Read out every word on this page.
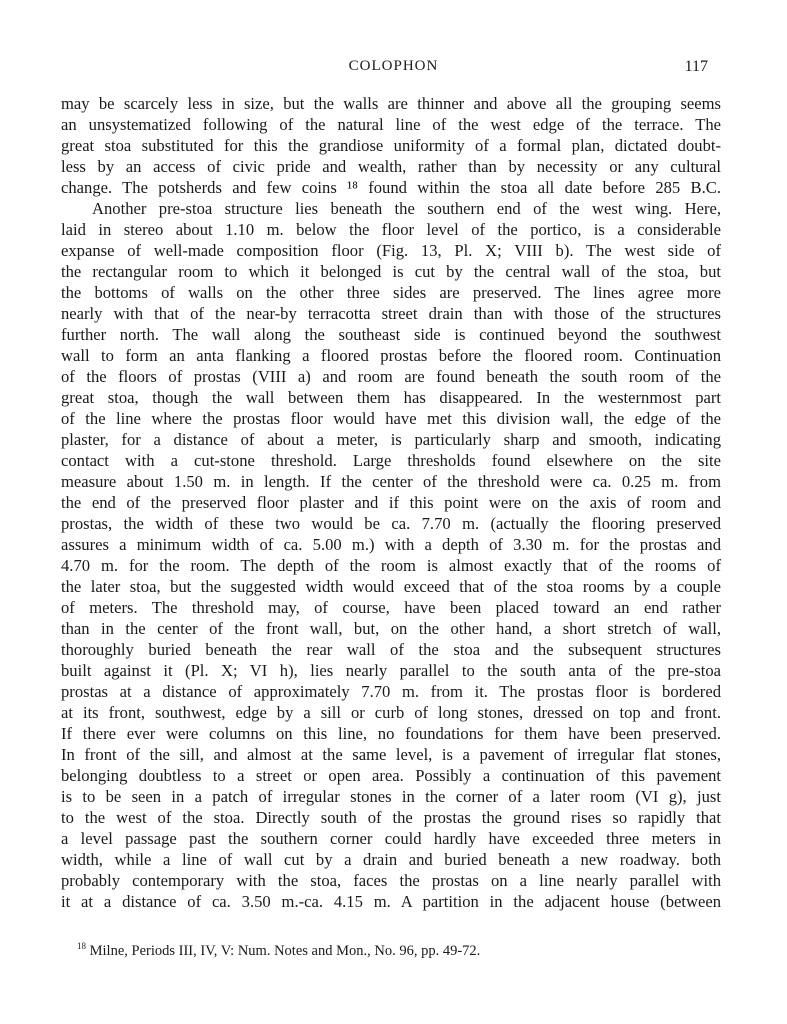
COLOPHON	117
may be scarcely less in size, but the walls are thinner and above all the grouping seems
an unsystematized following of the natural line of the west edge of the terrace. The
great stoa substituted for this the grandiose uniformity of a formal plan, dictated doubt-
less by an access of civic pride and wealth, rather than by necessity or any cultural
change. The potsherds and few coins ¹⁸ found within the stoa all date before 285 B.C.
Another pre-stoa structure lies beneath the southern end of the west wing. Here,
laid in stereo about 1.10 m. below the floor level of the portico, is a considerable
expanse of well-made composition floor (Fig. 13, Pl. X; VIII b). The west side of
the rectangular room to which it belonged is cut by the central wall of the stoa, but
the bottoms of walls on the other three sides are preserved. The lines agree more
nearly with that of the near-by terracotta street drain than with those of the structures
further north. The wall along the southeast side is continued beyond the southwest
wall to form an anta flanking a floored prostas before the floored room. Continuation
of the floors of prostas (VIII a) and room are found beneath the south room of the
great stoa, though the wall between them has disappeared. In the westernmost part
of the line where the prostas floor would have met this division wall, the edge of the
plaster, for a distance of about a meter, is particularly sharp and smooth, indicating
contact with a cut-stone threshold. Large thresholds found elsewhere on the site
measure about 1.50 m. in length. If the center of the threshold were ca. 0.25 m. from
the end of the preserved floor plaster and if this point were on the axis of room and
prostas, the width of these two would be ca. 7.70 m. (actually the flooring preserved
assures a minimum width of ca. 5.00 m.) with a depth of 3.30 m. for the prostas and
4.70 m. for the room. The depth of the room is almost exactly that of the rooms of
the later stoa, but the suggested width would exceed that of the stoa rooms by a couple
of meters. The threshold may, of course, have been placed toward an end rather
than in the center of the front wall, but, on the other hand, a short stretch of wall,
thoroughly buried beneath the rear wall of the stoa and the subsequent structures
built against it (Pl. X; VI h), lies nearly parallel to the south anta of the pre-stoa
prostas at a distance of approximately 7.70 m. from it. The prostas floor is bordered
at its front, southwest, edge by a sill or curb of long stones, dressed on top and front.
If there ever were columns on this line, no foundations for them have been preserved.
In front of the sill, and almost at the same level, is a pavement of irregular flat stones,
belonging doubtless to a street or open area. Possibly a continuation of this pavement
is to be seen in a patch of irregular stones in the corner of a later room (VI g), just
to the west of the stoa. Directly south of the prostas the ground rises so rapidly that
a level passage past the southern corner could hardly have exceeded three meters in
width, while a line of wall cut by a drain and buried beneath a new roadway. both
probably contemporary with the stoa, faces the prostas on a line nearly parallel with
it at a distance of ca. 3.50 m.-ca. 4.15 m. A partition in the adjacent house (between
$^{18}$ Milne, Periods III, IV, V: Num. Notes and Mon., No. 96, pp. 49-72.
